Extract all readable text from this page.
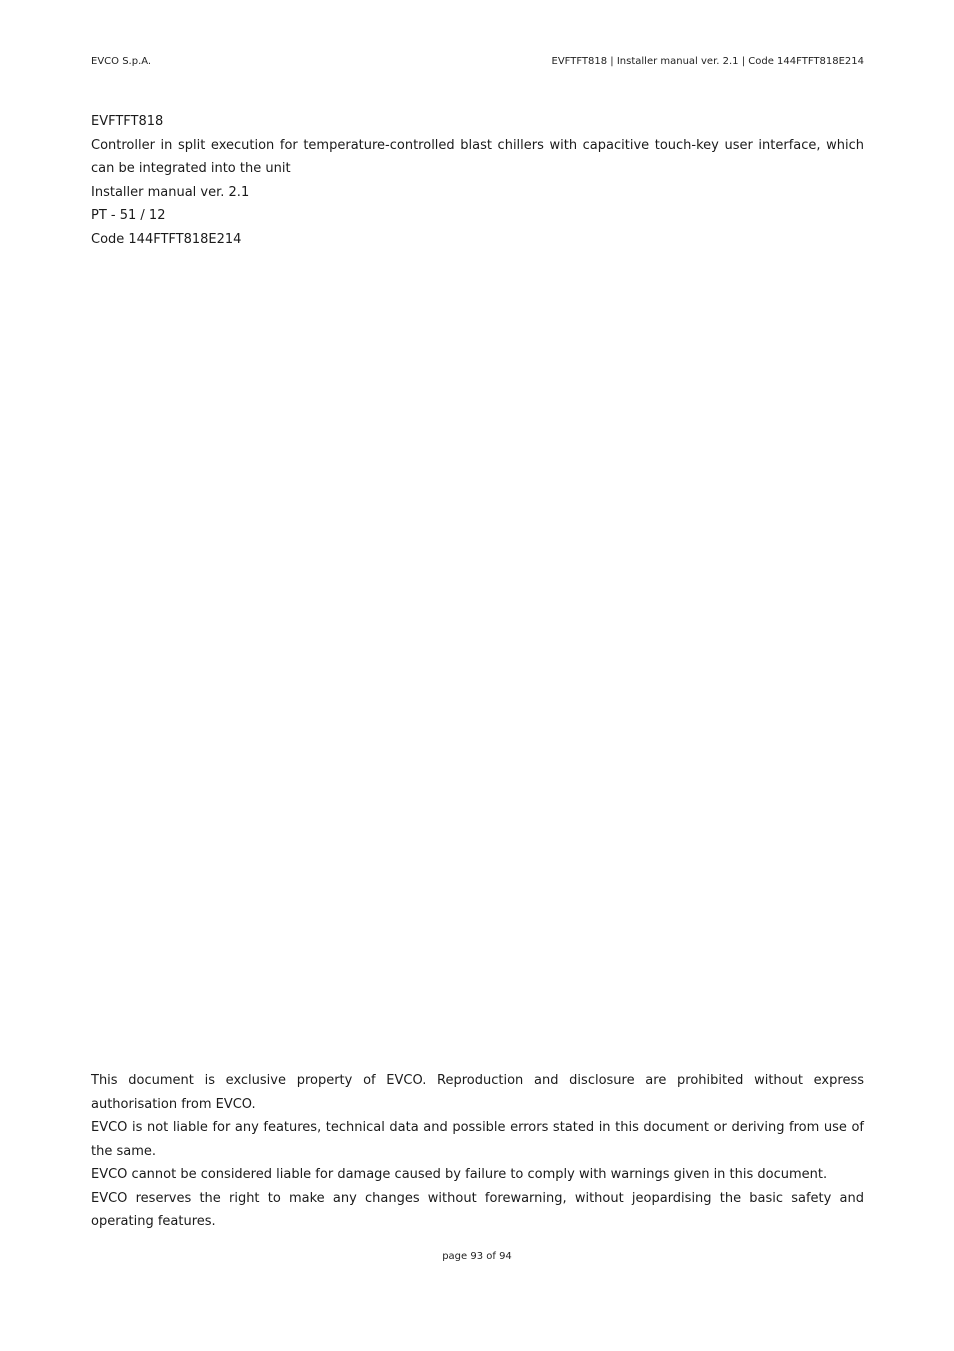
EVCO S.p.A.	EVFTFT818 | Installer manual ver. 2.1 | Code 144FTFT818E214

EVFTFT818

Controller in split execution for temperature-controlled blast chillers with capacitive touch-key user interface, which can be integrated into the unit

Installer manual ver. 2.1

PT - 51 / 12

Code 144FTFT818E214

This document is exclusive property of EVCO. Reproduction and disclosure are prohibited without express authorisation from EVCO.

EVCO is not liable for any features, technical data and possible errors stated in this document or deriving from use of the same.

EVCO cannot be considered liable for damage caused by failure to comply with warnings given in this document.

EVCO reserves the right to make any changes without forewarning, without jeopardising the basic safety and operating features.

page 93 of 94
